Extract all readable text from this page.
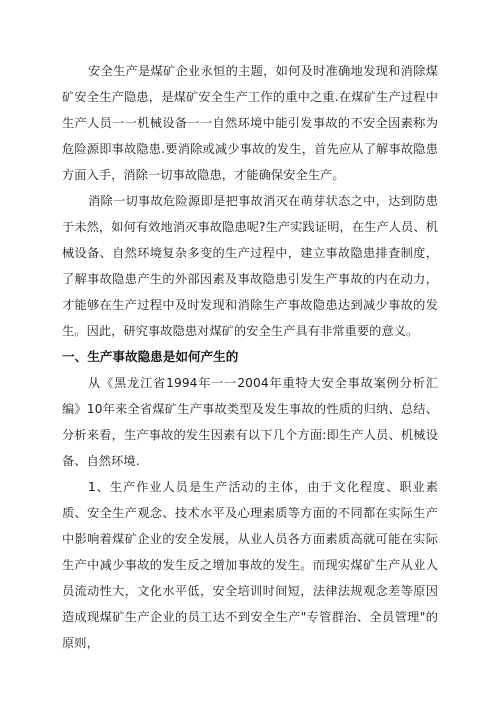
安全生产是煤矿企业永恒的主题，如何及时准确地发现和消除煤矿安全生产隐患，是煤矿安全生产工作的重中之重.在煤矿生产过程中生产人员一一机械设备一一自然环境中能引发事故的不安全因素称为危险源即事故隐患.要消除或减少事故的发生，首先应从了解事故隐患方面入手，消除一切事故隐患，才能确保安全生产。

消除一切事故危险源即是把事故消灭在萌芽状态之中，达到防患于未然，如何有效地消灭事故隐患呢?生产实践证明，在生产人员、机械设备、自然环境复杂多变的生产过程中，建立事故隐患排査制度，了解事故隐患产生的外部因素及事故隐患引发生产事故的内在动力，才能够在生产过程中及时发现和消除生产事故隐患达到减少事故的发生。因此，研究事故隐患对煤矿的安全生产具有非常重要的意义。

一、生产事故隐患是如何产生的

从《黑龙江省1994年一一2004年重特大安全事故案例分析汇编》10年来全省煤矿生产事故类型及发生事故的性质的归纳、总结、分析来看，生产事故的发生因素有以下几个方面:即生产人员、机械设备、自然环境.

1、生产作业人员是生产活动的主体，由于文化程度、职业素质、安全生产观念、技术水平及心理素质等方面的不同都在实际生产中影响着煤矿企业的安全发展，从业人员各方面素质高就可能在实际生产中减少事故的发生反之增加事故的发生。而现实煤矿生产从业人员流动性大，文化水平低，安全培训时间短，法律法规观念差等原因造成现煤矿生产企业的员工达不到安全生产"专管群治、全员管理"的原则，
